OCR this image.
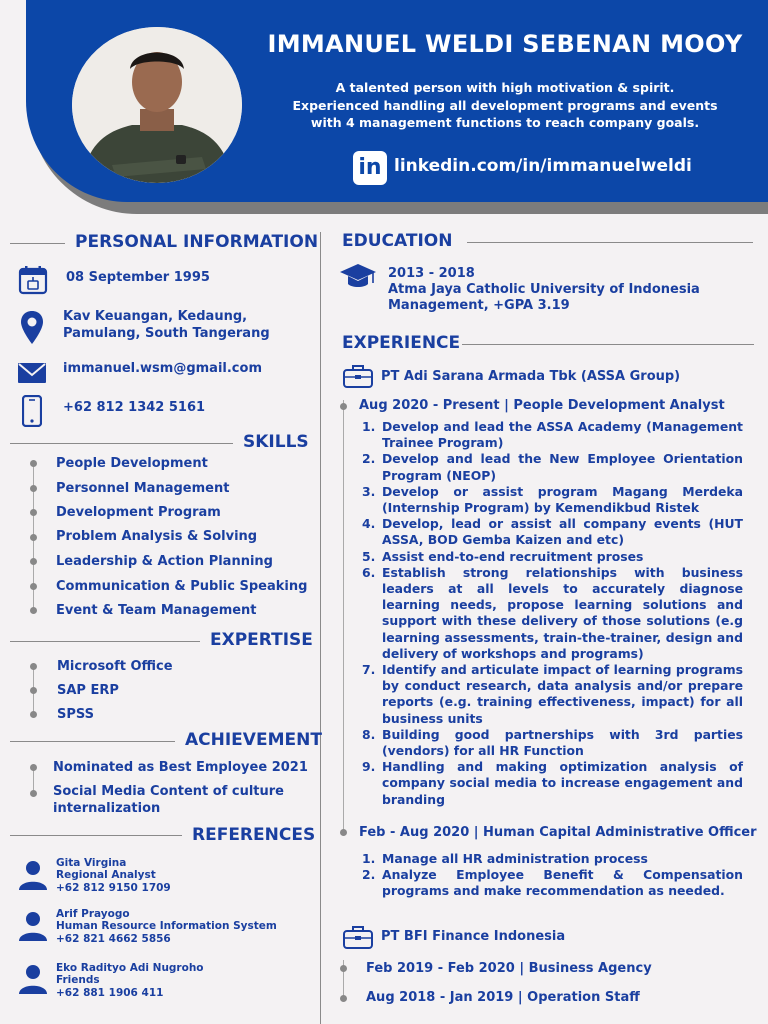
IMMANUEL WELDI SEBENAN MOOY
A talented person with high motivation & spirit.
Experienced handling all development programs and events
with 4 management functions to reach company goals.
in linkedin.com/in/immanuelweldi
PERSONAL INFORMATION
08 September 1995
Kav Keuangan, Kedaung,
Pamulang, South Tangerang
immanuel.wsm@gmail.com
+62 812 1342 5161
SKILLS
People Development
Personnel Management
Development Program
Problem Analysis & Solving
Leadership & Action Planning
Communication & Public Speaking
Event & Team Management
EXPERTISE
Microsoft Office
SAP ERP
SPSS
ACHIEVEMENT
Nominated as Best Employee 2021
Social Media Content of culture
internalization
REFERENCES
Gita Virgina
Regional Analyst
+62 812 9150 1709
Arif Prayogo
Human Resource Information System
+62 821 4662 5856
Eko Radityo Adi Nugroho
Friends
+62 881 1906 411
EDUCATION
2013 - 2018
Atma Jaya Catholic University of Indonesia
Management, +GPA 3.19
EXPERIENCE
PT Adi Sarana Armada Tbk (ASSA Group)
Aug 2020 - Present | People Development Analyst
1. Develop and lead the ASSA Academy (Management Trainee Program)
2. Develop and lead the New Employee Orientation Program (NEOP)
3. Develop or assist program Magang Merdeka (Internship Program) by Kemendikbud Ristek
4. Develop, lead or assist all company events (HUT ASSA, BOD Gemba Kaizen and etc)
5. Assist end-to-end recruitment proses
6. Establish strong relationships with business leaders at all levels to accurately diagnose learning needs, propose learning solutions and support with these delivery of those solutions (e.g learning assessments, train-the-trainer, design and delivery of workshops and programs)
7. Identify and articulate impact of learning programs by conduct research, data analysis and/or prepare reports (e.g. training effectiveness, impact) for all business units
8. Building good partnerships with 3rd parties (vendors) for all HR Function
9. Handling and making optimization analysis of company social media to increase engagement and branding
Feb - Aug 2020 | Human Capital Administrative Officer
1. Manage all HR administration process
2. Analyze Employee Benefit & Compensation programs and make recommendation as needed.
PT BFI Finance Indonesia
Feb 2019 - Feb 2020 | Business Agency
Aug 2018 - Jan 2019 | Operation Staff
